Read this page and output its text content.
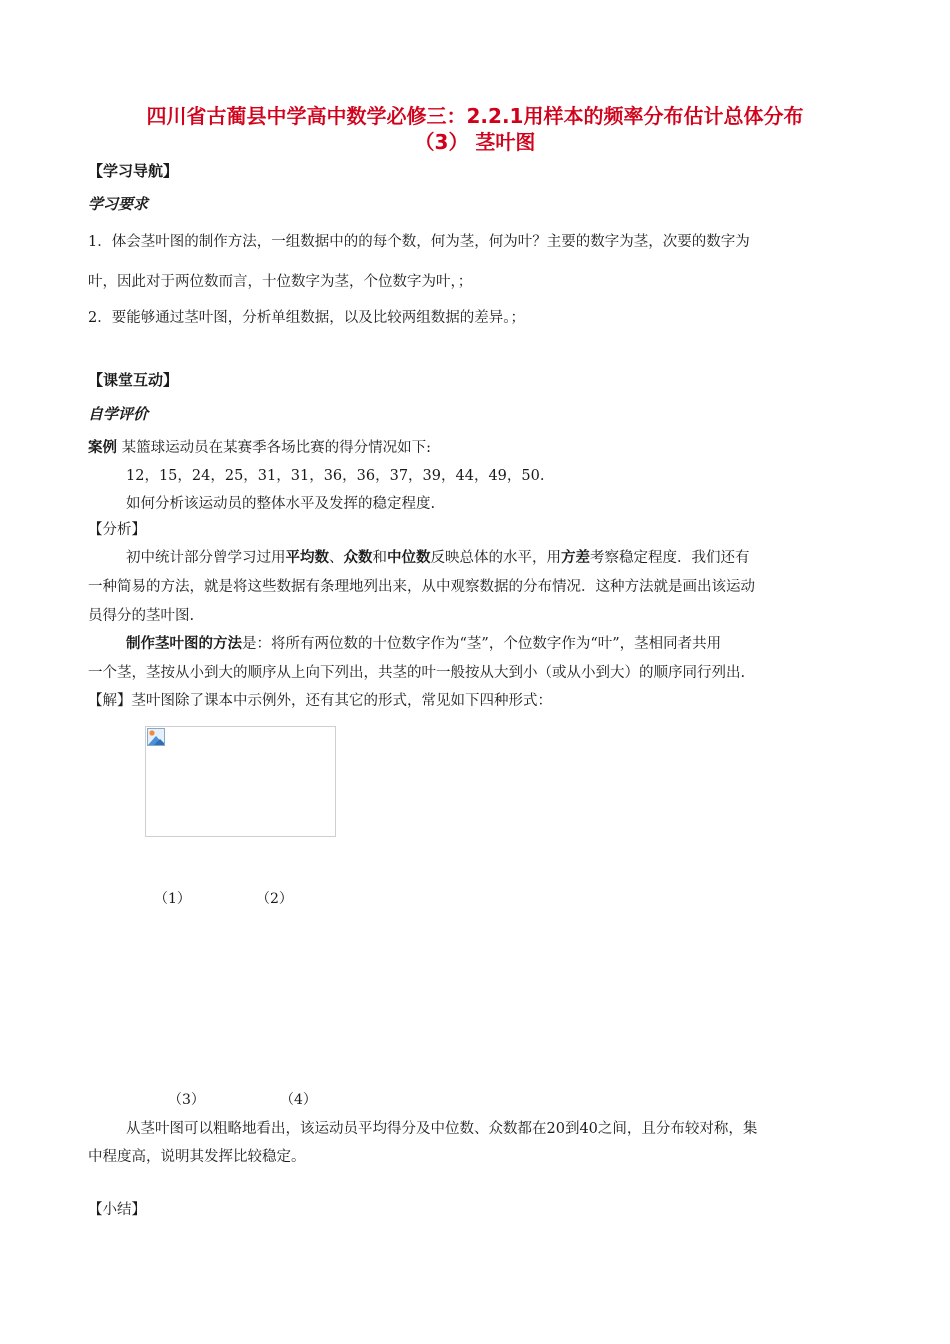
四川省古蔺县中学高中数学必修三：2.2.1用样本的频率分布估计总体分布
（3） 茎叶图
【学习导航】
学习要求
1．体会茎叶图的制作方法，一组数据中的的每个数，何为茎，何为叶？主要的数字为茎，次要的数字为
叶，因此对于两位数而言，十位数字为茎，个位数字为叶，；
2．要能够通过茎叶图，分析单组数据，以及比较两组数据的差异。；
【课堂互动】
自学评价
案例 某篮球运动员在某赛季各场比赛的得分情况如下:
12，15，24，25，31，31，36，36，37，39，44，49，50.
如何分析该运动员的整体水平及发挥的稳定程度.
【分析】
初中统计部分曾学习过用平均数、众数和中位数反映总体的水平，用方差考察稳定程度．我们还有
一种简易的方法，就是将这些数据有条理地列出来，从中观察数据的分布情况．这种方法就是画出该运动
员得分的茎叶图.
制作茎叶图的方法是：将所有两位数的十位数字作为“茎”，个位数字作为“叶”，茎相同者共用
一个茎，茎按从小到大的顺序从上向下列出，共茎的叶一般按从大到小（或从小到大）的顺序同行列出.
【解】茎叶图除了课本中示例外，还有其它的形式，常见如下四种形式：
（1）	（2）
（3）	（4）
从茎叶图可以粗略地看出，该运动员平均得分及中位数、众数都在20到40之间，且分布较对称，集
中程度高，说明其发挥比较稳定。
【小结】
